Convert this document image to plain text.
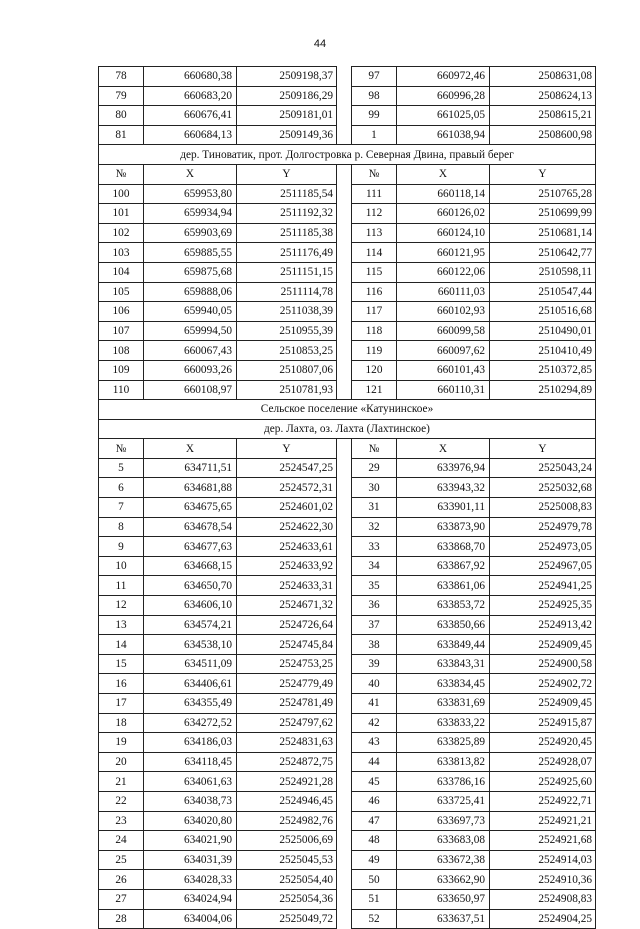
44
78	660680,38	2509198,37		97	660972,46	2508631,08
79	660683,20	2509186,29		98	660996,28	2508624,13
80	660676,41	2509181,01		99	661025,05	2508615,21
81	660684,13	2509149,36		1	661038,94	2508600,98
дер. Тиноватик, прот. Долгостровка р. Северная Двина, правый берег						
№	X	Y		№	X	Y
100	659953,80	2511185,54		111	660118,14	2510765,28
101	659934,94	2511192,32		112	660126,02	2510699,99
102	659903,69	2511185,38		113	660124,10	2510681,14
103	659885,55	2511176,49		114	660121,95	2510642,77
104	659875,68	2511151,15		115	660122,06	2510598,11
105	659888,06	2511114,78		116	660111,03	2510547,44
106	659940,05	2511038,39		117	660102,93	2510516,68
107	659994,50	2510955,39		118	660099,58	2510490,01
108	660067,43	2510853,25		119	660097,62	2510410,49
109	660093,26	2510807,06		120	660101,43	2510372,85
110	660108,97	2510781,93		121	660110,31	2510294,89
Сельское поселение «Катунинское»						
дер. Лахта, оз. Лахта (Лахтинское)						
№	X	Y		№	X	Y
5	634711,51	2524547,25		29	633976,94	2525043,24
6	634681,88	2524572,31		30	633943,32	2525032,68
7	634675,65	2524601,02		31	633901,11	2525008,83
8	634678,54	2524622,30		32	633873,90	2524979,78
9	634677,63	2524633,61		33	633868,70	2524973,05
10	634668,15	2524633,92		34	633867,92	2524967,05
11	634650,70	2524633,31		35	633861,06	2524941,25
12	634606,10	2524671,32		36	633853,72	2524925,35
13	634574,21	2524726,64		37	633850,66	2524913,42
14	634538,10	2524745,84		38	633849,44	2524909,45
15	634511,09	2524753,25		39	633843,31	2524900,58
16	634406,61	2524779,49		40	633834,45	2524902,72
17	634355,49	2524781,49		41	633831,69	2524909,45
18	634272,52	2524797,62		42	633833,22	2524915,87
19	634186,03	2524831,63		43	633825,89	2524920,45
20	634118,45	2524872,75		44	633813,82	2524928,07
21	634061,63	2524921,28		45	633786,16	2524925,60
22	634038,73	2524946,45		46	633725,41	2524922,71
23	634020,80	2524982,76		47	633697,73	2524921,21
24	634021,90	2525006,69		48	633683,08	2524921,68
25	634031,39	2525045,53		49	633672,38	2524914,03
26	634028,33	2525054,40		50	633662,90	2524910,36
27	634024,94	2525054,36		51	633650,97	2524908,83
28	634004,06	2525049,72		52	633637,51	2524904,25
